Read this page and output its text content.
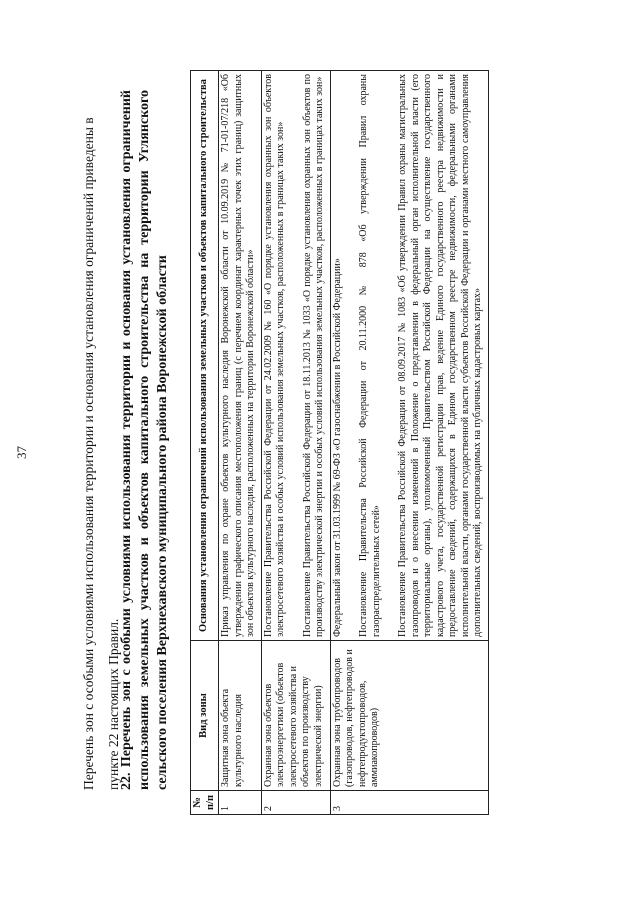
37	Перечень зон с особыми условиями использования территории и основания установления ограничений приведены в пункте 22 настоящих Правил.

22. Перечень зон с особыми условиями использования территории и основания установления ограничений использования земельных участков и объектов капитального строительства на территории Углянского сельского поселения Верхнехавского муниципального района Воронежской области
№ п/п	Вид зоны	Основания установления ограничений использования земельных участков и объектов капитального строительства
1	Защитная зона объекта культурного наследия	Приказ управления по охране объектов культурного наследия Воронежской области от 10.09.2019 № 71-01-07/218 «Об утверждении графического описания местоположения границ (с перечнем координат характерных точек этих границ) защитных зон объектов культурного наследия, расположенных на территории Воронежской области»

2	Охранная зона объектов электроэнергетики (объектов электросетевого хозяйства и объектов по производству электрической энергии)	Постановление Правительства Российской Федерации от 24.02.2009 № 160 «О порядке установления охранных зон объектов электросетевого хозяйства и особых условий использования земельных участков, расположенных в границах таких зон» Постановление Правительства Российской Федерации от 18.11.2013 № 1033 «О порядке установления охранных зон объектов по производству электрической энергии и особых условий использования земельных участков, расположенных в границах таких зон»

3	Охранная зона трубопроводов (газопроводов, нефтепроводов и нефтепродуктопроводов, аммиакопроводов)	Федеральный закон от 31.03.1999 № 69-ФЗ «О газоснабжении в Российской Федерации» Постановление Правительства Российской Федерации от 20.11.2000 № 878 «Об утверждении Правил охраны газораспределительных сетей» Постановление Правительства Российской Федерации от 08.09.2017 № 1083 «Об утверждении Правил охраны магистральных газопроводов и о внесении изменений в Положение о представлении в федеральный орган исполнительной власти (его территориальные органы), уполномоченный Правительством Российской Федерации на осуществление государственного кадастрового учета, государственной регистрации прав, ведение Единого государственного реестра недвижимости и предоставление сведений, содержащихся в Едином государственном реестре недвижимости, федеральными органами исполнительной власти, органами государственной власти субъектов Российской Федерации и органами местного самоуправления дополнительных сведений, воспроизводимых на публичных кадастровых картах»
